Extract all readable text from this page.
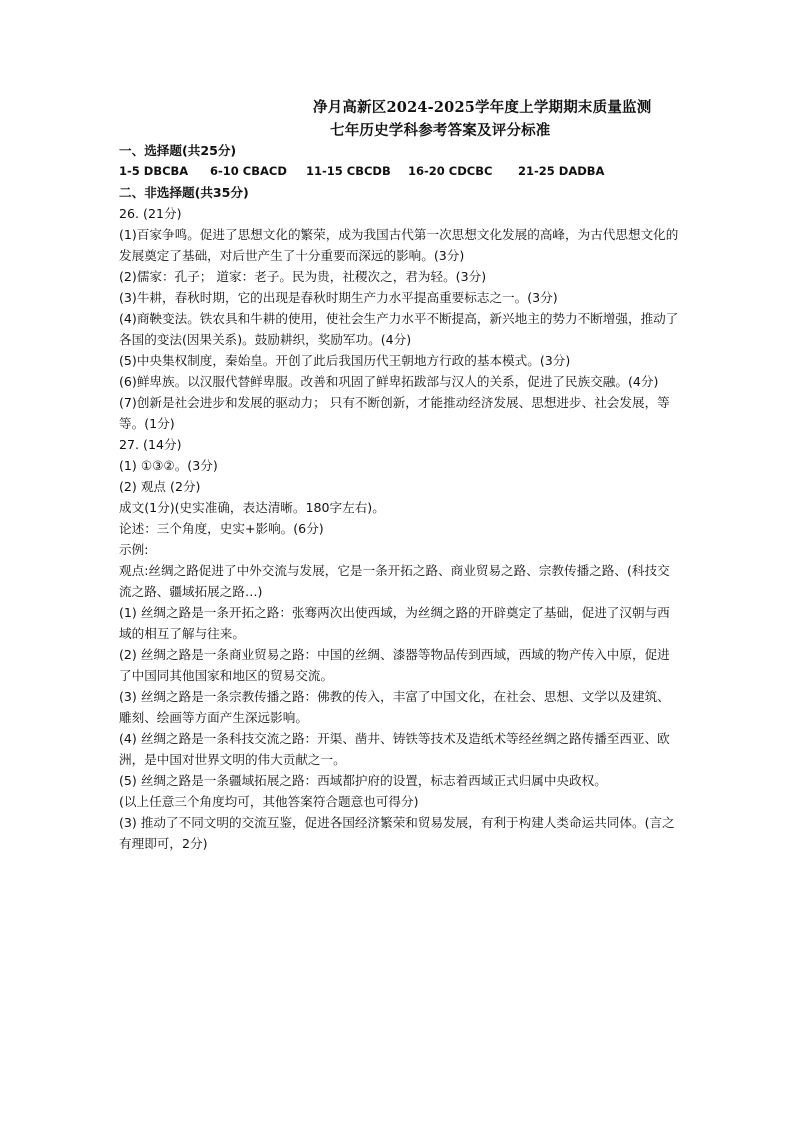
净月高新区2024-2025学年度上学期期末质量监测
七年历史学科参考答案及评分标准
一、选择题(共25分)
1-5 DBCBA 6-10 CBACD 11-15 CBCDB 16-20 CDCBC 21-25 DADBA
二、非选择题(共35分)
26. (21分)
(1)百家争鸣。促进了思想文化的繁荣，成为我国古代第一次思想文化发展的高峰，为古代思想文化的发展奠定了基础，对后世产生了十分重要而深远的影响。(3分)
(2)儒家：孔子； 道家：老子。民为贵，社稷次之，君为轻。(3分)
(3)牛耕，春秋时期，它的出现是春秋时期生产力水平提高重要标志之一。(3分)
(4)商鞅变法。铁农具和牛耕的使用，使社会生产力水平不断提高，新兴地主的势力不断增强，推动了各国的变法(因果关系)。鼓励耕织，奖励军功。(4分)
(5)中央集权制度，秦始皇。开创了此后我国历代王朝地方行政的基本模式。(3分)
(6)鲜卑族。以汉服代替鲜卑服。改善和巩固了鲜卑拓跋部与汉人的关系，促进了民族交融。(4分)
(7)创新是社会进步和发展的驱动力； 只有不断创新，才能推动经济发展、思想进步、社会发展，等等。(1分)
27. (14分)
(1) ①③②。(3分)
(2) 观点 (2分)
成文(1分)(史实准确，表达清晰。180字左右)。
论述：三个角度，史实+影响。(6分)
示例:
观点:丝绸之路促进了中外交流与发展，它是一条开拓之路、商业贸易之路、宗教传播之路、(科技交流之路、疆域拓展之路…)
(1) 丝绸之路是一条开拓之路：张骞两次出使西域，为丝绸之路的开辟奠定了基础，促进了汉朝与西域的相互了解与往来。
(2) 丝绸之路是一条商业贸易之路：中国的丝绸、漆器等物品传到西域，西域的物产传入中原，促进了中国同其他国家和地区的贸易交流。
(3) 丝绸之路是一条宗教传播之路：佛教的传入，丰富了中国文化，在社会、思想、文学以及建筑、雕刻、绘画等方面产生深远影响。
(4) 丝绸之路是一条科技交流之路：开渠、凿井、铸铁等技术及造纸术等经丝绸之路传播至西亚、欧洲，是中国对世界文明的伟大贡献之一。
(5) 丝绸之路是一条疆域拓展之路：西域都护府的设置，标志着西域正式归属中央政权。
(以上任意三个角度均可，其他答案符合题意也可得分)
(3) 推动了不同文明的交流互鉴，促进各国经济繁荣和贸易发展，有利于构建人类命运共同体。(言之有理即可，2分)
